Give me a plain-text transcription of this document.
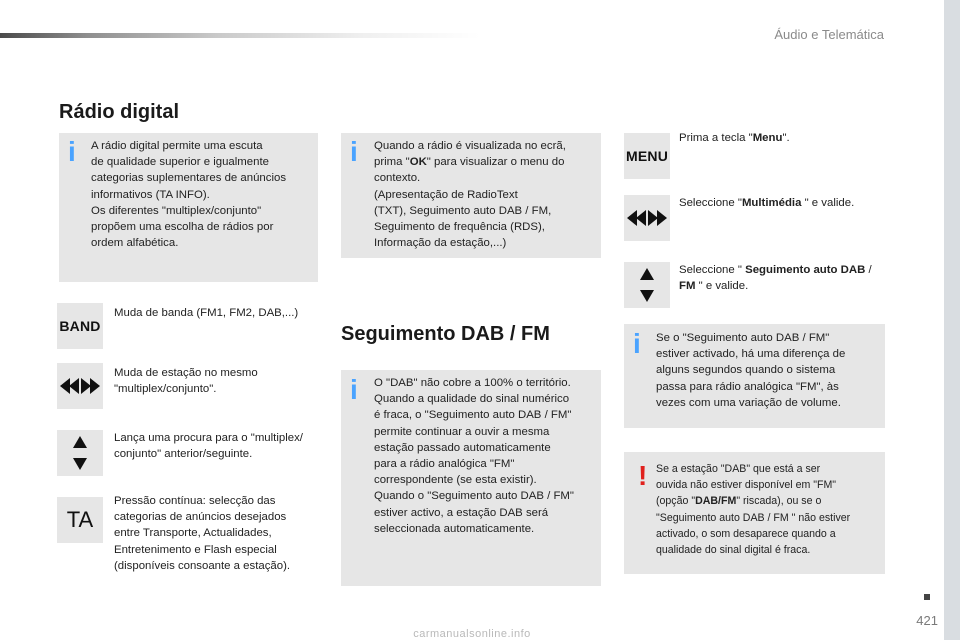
Áudio e Telemática
Rádio digital
i A rádio digital permite uma escuta
de qualidade superior e igualmente
categorias suplementares de anúncios
informativos (TA INFO).
Os diferentes "multiplex/conjunto"
propõem uma escolha de rádios por
ordem alfabética.
BAND
Muda de banda (FM1, FM2, DAB,...)
Muda de estação no mesmo
"multiplex/conjunto".
Lança uma procura para o "multiplex/
conjunto" anterior/seguinte.
TA
Pressão contínua: selecção das
categorias de anúncios desejados
entre Transporte, Actualidades,
Entretenimento e Flash especial
(disponíveis consoante a estação).
i Quando a rádio é visualizada no ecrã,
prima "OK" para visualizar o menu do
contexto.
(Apresentação de RadioText
(TXT), Seguimento auto DAB / FM,
Seguimento de frequência (RDS),
Informação da estação,...)
Seguimento DAB / FM
i O "DAB" não cobre a 100% o território.
Quando a qualidade do sinal numérico
é fraca, o "Seguimento auto DAB / FM"
permite continuar a ouvir a mesma
estação passado automaticamente
para a rádio analógica "FM"
correspondente (se esta existir).
Quando o "Seguimento auto DAB / FM"
estiver activo, a estação DAB será
seleccionada automaticamente.
MENU
Prima a tecla "Menu".
Seleccione "Multimédia " e valide.
Seleccione " Seguimento auto DAB / FM " e valide.
i Se o "Seguimento auto DAB / FM"
estiver activado, há uma diferença de
alguns segundos quando o sistema
passa para rádio analógica "FM", às
vezes com uma variação de volume.
! Se a estação "DAB" que está a ser
ouvida não estiver disponível em "FM"
(opção "DAB/FM" riscada), ou se o
"Seguimento auto DAB / FM " não estiver
activado, o som desaparece quando a
qualidade do sinal digital é fraca.
421
carmanualsonline.info
